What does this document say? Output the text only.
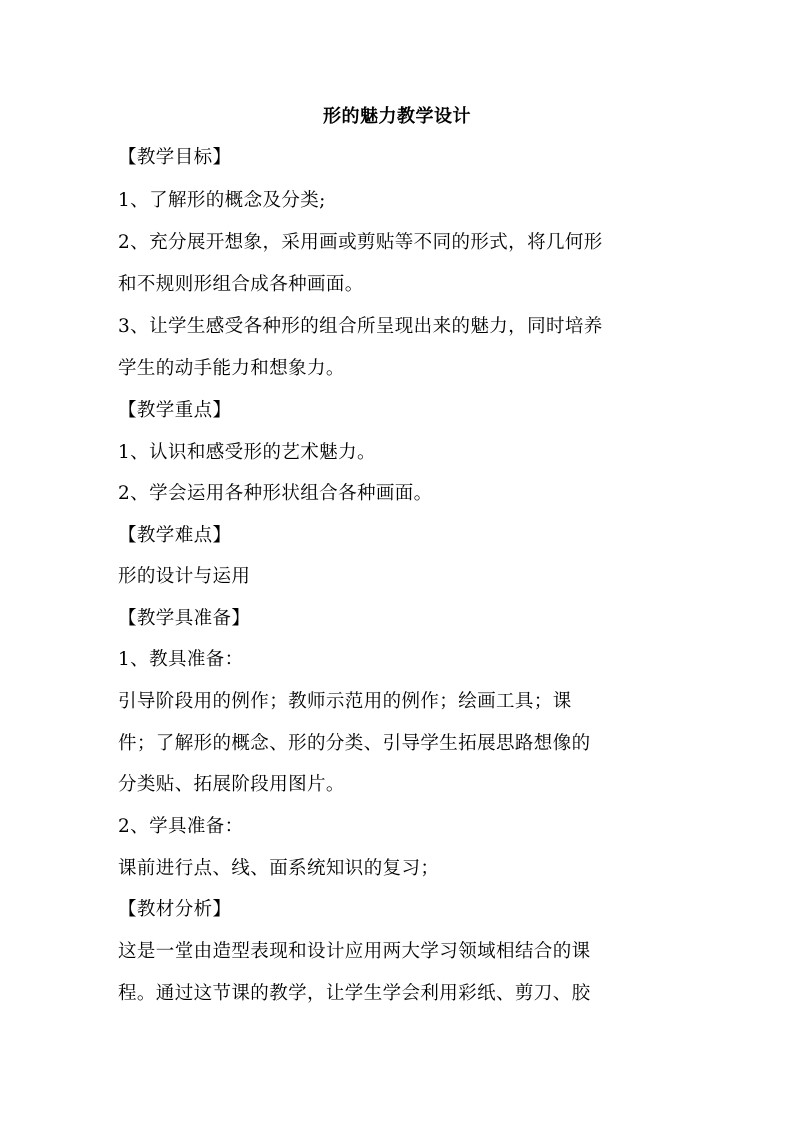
形的魅力教学设计
【教学目标】
1、了解形的概念及分类;
2、充分展开想象，采用画或剪贴等不同的形式，将几何形
和不规则形组合成各种画面。
3、让学生感受各种形的组合所呈现出来的魅力，同时培养
学生的动手能力和想象力。
【教学重点】
1、认识和感受形的艺术魅力。
2、学会运用各种形状组合各种画面。
【教学难点】
形的设计与运用
【教学具准备】
1、教具准备：
引导阶段用的例作；教师示范用的例作；绘画工具；课
件；了解形的概念、形的分类、引导学生拓展思路想像的
分类贴、拓展阶段用图片。
2、学具准备：
课前进行点、线、面系统知识的复习；
【教材分析】
这是一堂由造型表现和设计应用两大学习领域相结合的课
程。通过这节课的教学，让学生学会利用彩纸、剪刀、胶
